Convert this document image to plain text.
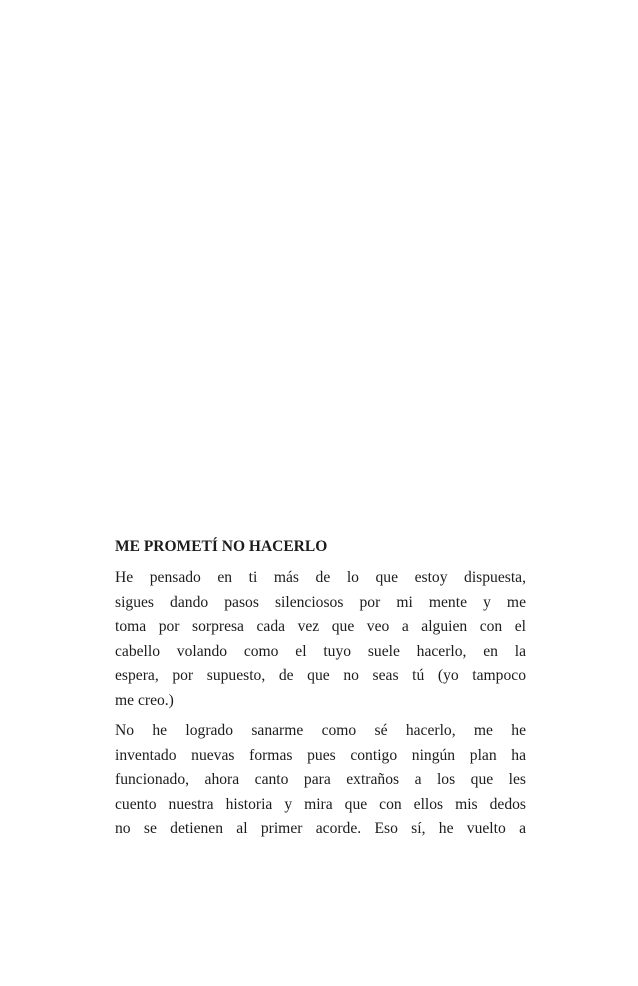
ME PROMETÍ NO HACERLO

He pensado en ti más de lo que estoy dispuesta,
sigues dando pasos silenciosos por mi mente y me
toma por sorpresa cada vez que veo a alguien con el
cabello volando como el tuyo suele hacerlo, en la
espera, por supuesto, de que no seas tú (yo tampoco
me creo.)

No he logrado sanarme como sé hacerlo, me he
inventado nuevas formas pues contigo ningún plan ha
funcionado, ahora canto para extraños a los que les
cuento nuestra historia y mira que con ellos mis dedos
no se detienen al primer acorde. Eso sí, he vuelto a
